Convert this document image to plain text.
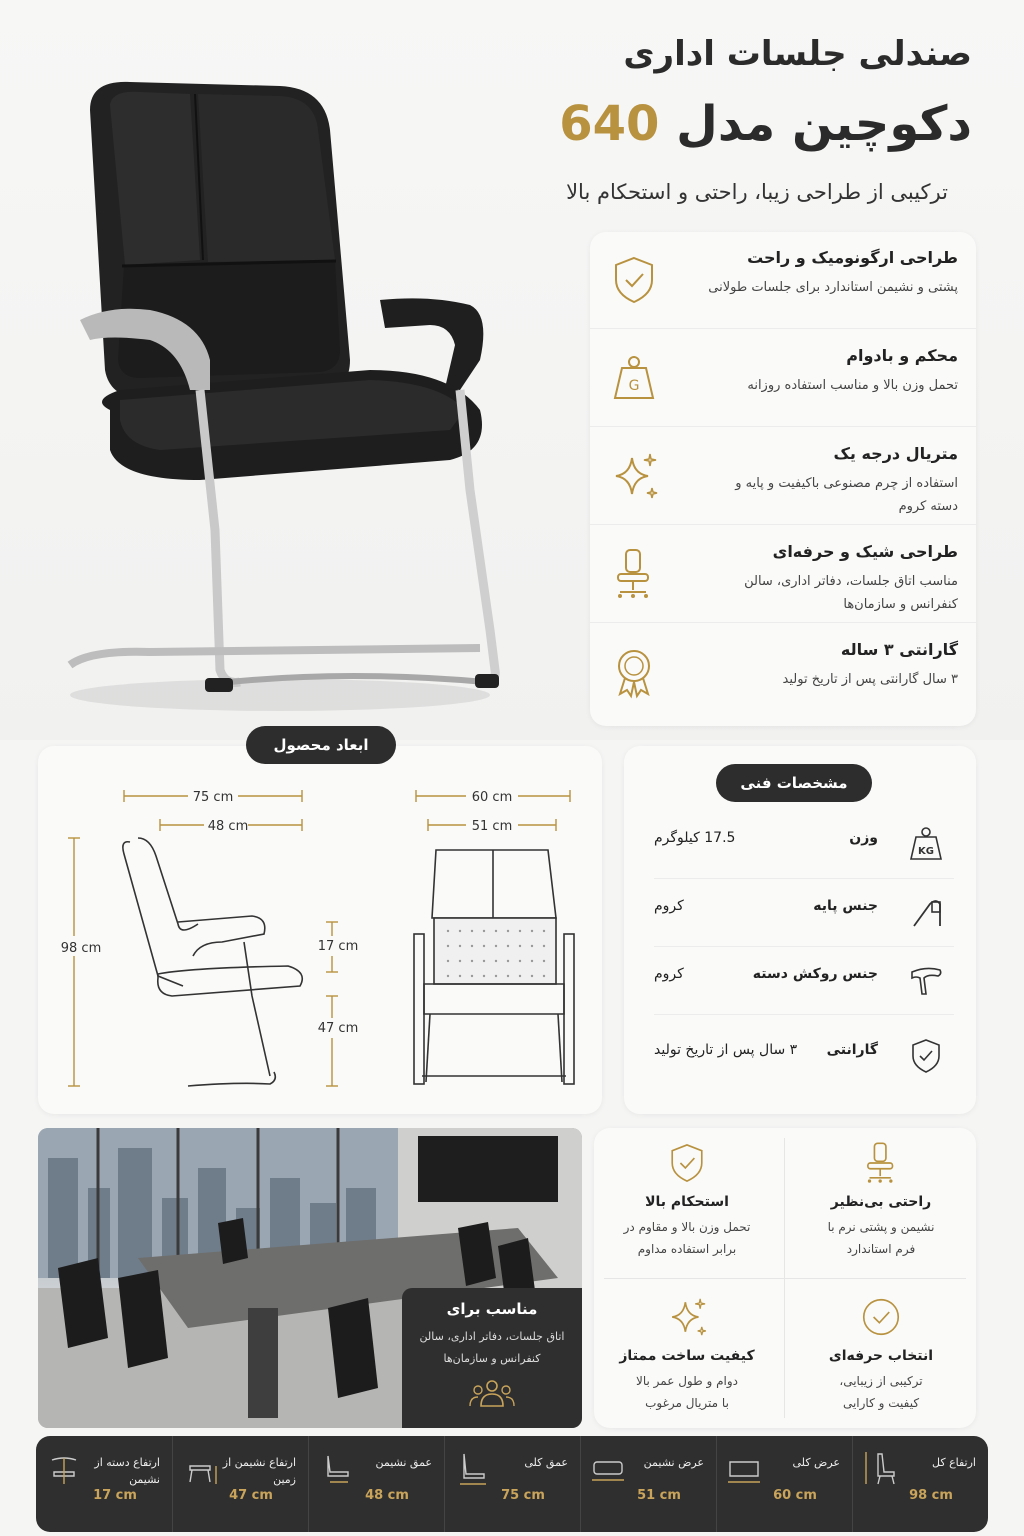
صندلی جلسات اداری
دکوچین مدل 640
ترکیبی از طراحی زیبا، راحتی و استحکام بالا
طراحی ارگونومیک و راحت
پشتی و نشیمن استاندارد برای جلسات طولانی
محکم و بادوام
تحمل وزن بالا و مناسب استفاده روزانه
G
متریال درجه یک
استفاده از چرم مصنوعی باکیفیت و پایه و دسته کروم
طراحی شیک و حرفه‌ای
مناسب اتاق جلسات، دفاتر اداری، سالن کنفرانس و سازمان‌ها
گارانتی ۳ ساله
۳ سال گارانتی پس از تاریخ تولید
75 cm
48 cm
98 cm	17 cm
47 cm
60 cm
51 cm
ابعاد محصول
مشخصات فنی
KG
وزن
17.5 کیلوگرم
جنس پایه
کروم
جنس روکش دسته
کروم
گارانتی
۳ سال پس از تاریخ تولید
مناسب برای
اتاق جلسات، دفاتر اداری، سالن کنفرانس و سازمان‌ها
راحتی بی‌نظیر
نشیمن و پشتی نرم با فرم استاندارد
استحکام بالا
تحمل وزن بالا و مقاوم در برابر استفاده مداوم
انتخاب حرفه‌ای
ترکیبی از زیبایی، کیفیت و کارایی
کیفیت ساخت ممتاز
دوام و طول عمر بالا با متریال مرغوب
ارتفاع کل
98 cm
عرض کلی
60 cm
عرض نشیمن
51 cm
عمق کلی
75 cm
عمق نشیمن
48 cm
ارتفاع نشیمن از زمین
47 cm
ارتفاع دسته از نشیمن
17 cm
